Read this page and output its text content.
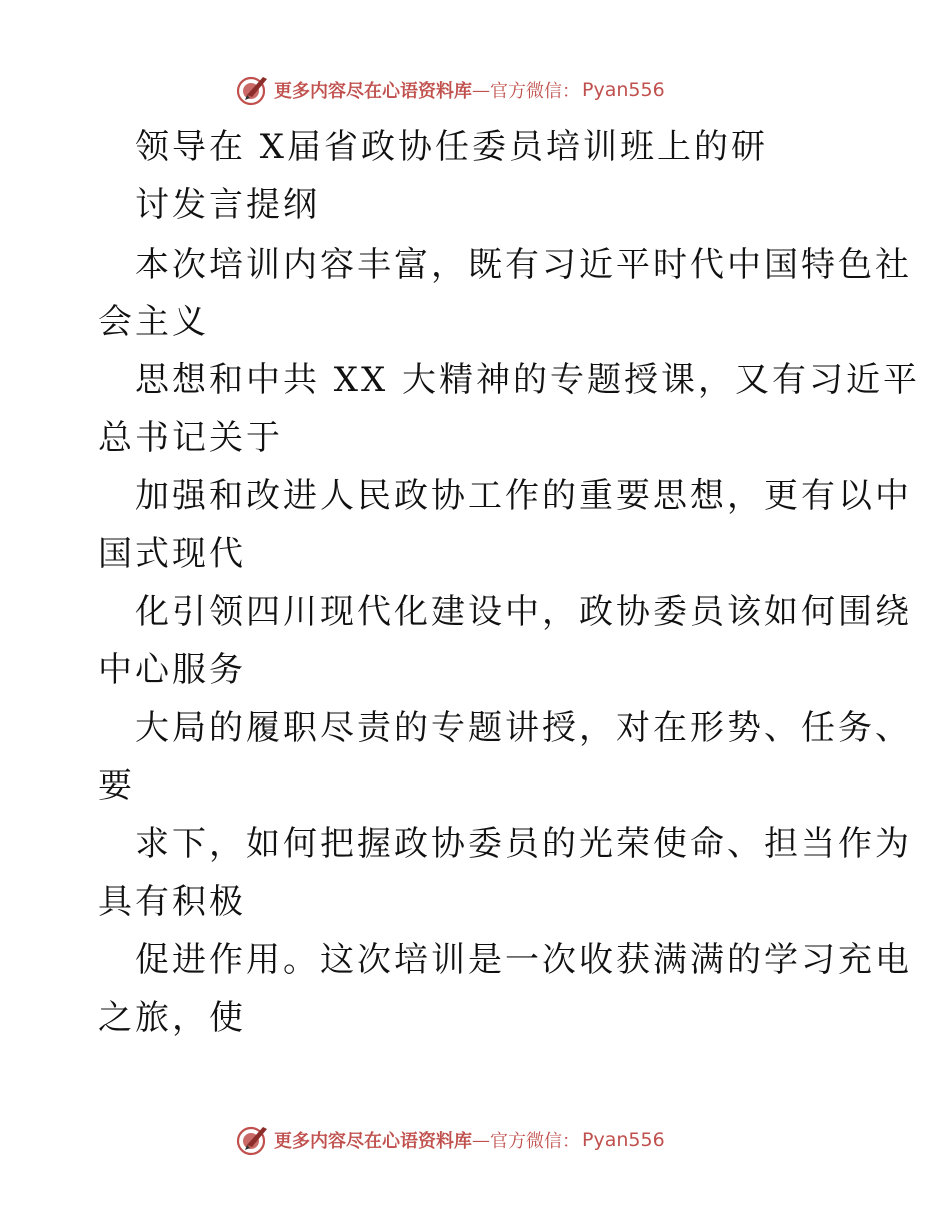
更多内容尽在心语资料库 — 官方微信： Pyan556
领导在 X届省政协任委员培训班上的研
讨发言提纲
本次培训内容丰富，既有习近平时代中国特色社
会主义
思想和中共 XX 大精神的专题授课，又有习近平
总书记关于
加强和改进人民政协工作的重要思想，更有以中
国式现代
化引领四川现代化建设中，政协委员该如何围绕
中心服务
大局的履职尽责的专题讲授，对在形势、任务、
要
求下，如何把握政协委员的光荣使命、担当作为
具有积极
促进作用。这次培训是一次收获满满的学习充电
之旅，使
更多内容尽在心语资料库 — 官方微信： Pyan556
